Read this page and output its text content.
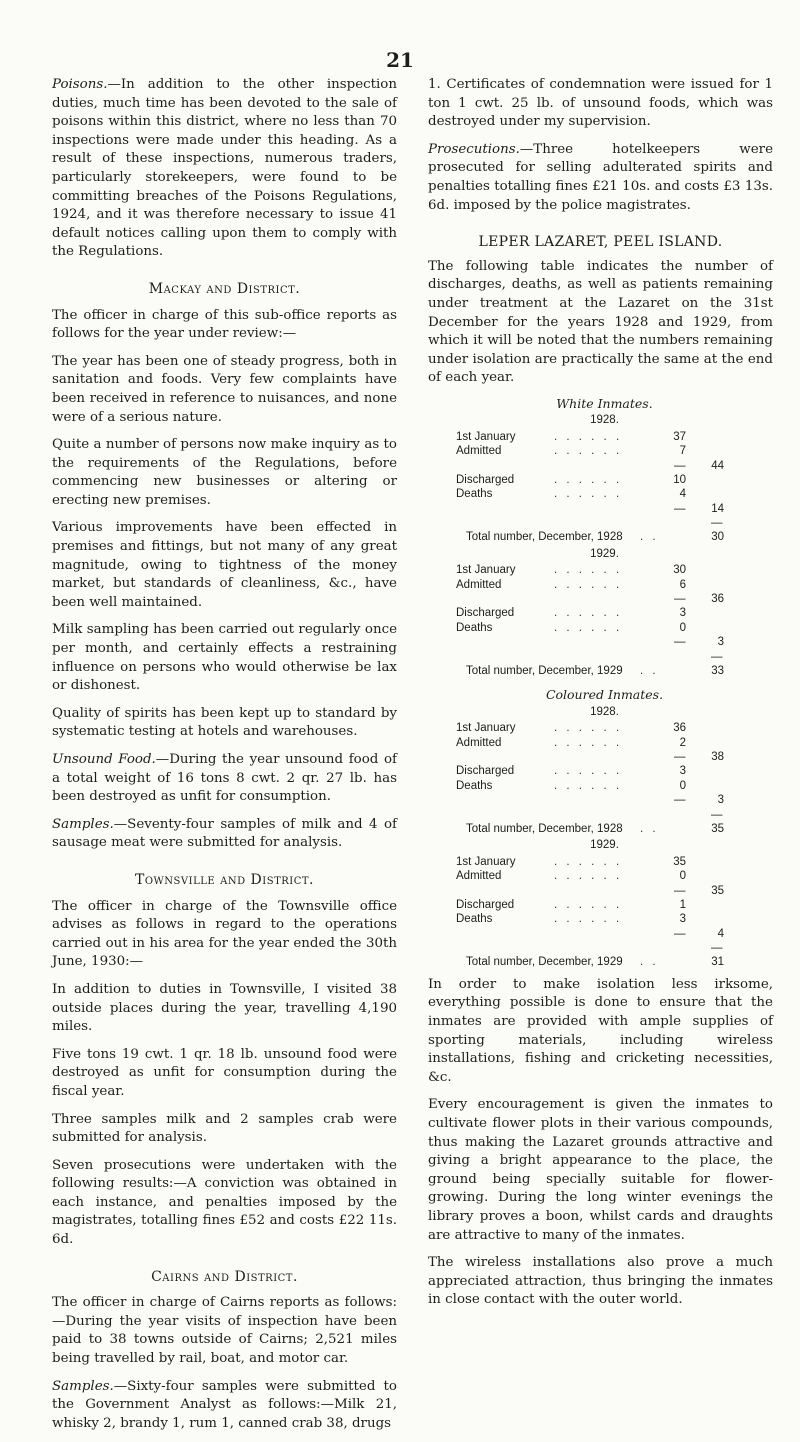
21

Poisons.—In addition to the other inspection duties, much time has been devoted to the sale of poisons within this district, where no less than 70 inspections were made under this heading. As a result of these inspections, numerous traders, particularly storekeepers, were found to be committing breaches of the Poisons Regulations, 1924, and it was therefore necessary to issue 41 default notices calling upon them to comply with the Regulations.

Mackay and District.

The officer in charge of this sub-office reports as follows for the year under review:—

The year has been one of steady progress, both in sanitation and foods. Very few complaints have been received in reference to nuisances, and none were of a serious nature.

Quite a number of persons now make inquiry as to the requirements of the Regulations, before commencing new businesses or altering or erecting new premises.

Various improvements have been effected in premises and fittings, but not many of any great magnitude, owing to tightness of the money market, but standards of cleanliness, &c., have been well maintained.

Milk sampling has been carried out regularly once per month, and certainly effects a restraining influence on persons who would otherwise be lax or dishonest.

Quality of spirits has been kept up to standard by systematic testing at hotels and warehouses.

Unsound Food.—During the year unsound food of a total weight of 16 tons 8 cwt. 2 qr. 27 lb. has been destroyed as unfit for consumption.

Samples.—Seventy-four samples of milk and 4 of sausage meat were submitted for analysis.

Townsville and District.

The officer in charge of the Townsville office advises as follows in regard to the operations carried out in his area for the year ended the 30th June, 1930:—

In addition to duties in Townsville, I visited 38 outside places during the year, travelling 4,190 miles.

Five tons 19 cwt. 1 qr. 18 lb. unsound food were destroyed as unfit for consumption during the fiscal year.

Three samples milk and 2 samples crab were submitted for analysis.

Seven prosecutions were undertaken with the following results:—A conviction was obtained in each instance, and penalties imposed by the magistrates, totalling fines £52 and costs £22 11s. 6d.

Cairns and District.

The officer in charge of Cairns reports as follows:—During the year visits of inspection have been paid to 38 towns outside of Cairns; 2,521 miles being travelled by rail, boat, and motor car.

Samples.—Sixty-four samples were submitted to the Government Analyst as follows:—Milk 21, whisky 2, brandy 1, rum 1, canned crab 38, drugs

1. Certificates of condemnation were issued for 1 ton 1 cwt. 25 lb. of unsound foods, which was destroyed under my supervision.

Prosecutions.—Three hotelkeepers were prosecuted for selling adulterated spirits and penalties totalling fines £21 10s. and costs £3 13s. 6d. imposed by the police magistrates.

LEPER LAZARET, PEEL ISLAND.

The following table indicates the number of discharges, deaths, as well as patients remaining under treatment at the Lazaret on the 31st December for the years 1928 and 1929, from which it will be noted that the numbers remaining under isolation are practically the same at the end of each year.

White Inmates.
1928.
1st January	. . . . . .	37
Admitted	. . . . . .	7
—	44
Discharged	. . . . . .	10
Deaths	. . . . . .	4
—	14
—
Total number, December, 1928 . .	30
1929.
1st January	. . . . . .	30
Admitted	. . . . . .	6
—	36
Discharged	. . . . . .	3
Deaths	. . . . . .	0
—	3
—
Total number, December, 1929 . .	33
Coloured Inmates.
1928.
1st January	. . . . . .	36
Admitted	. . . . . .	2
—	38
Discharged	. . . . . .	3
Deaths	. . . . . .	0
—	3
—
Total number, December, 1928 . .	35
1929.
1st January	. . . . . .	35
Admitted	. . . . . .	0
—	35
Discharged	. . . . . .	1
Deaths	. . . . . .	3
—	4
—
Total number, December, 1929 . .	31

In order to make isolation less irksome, everything possible is done to ensure that the inmates are provided with ample supplies of sporting materials, including wireless installations, fishing and cricketing necessities, &c.

Every encouragement is given the inmates to cultivate flower plots in their various compounds, thus making the Lazaret grounds attractive and giving a bright appearance to the place, the ground being specially suitable for flower-growing. During the long winter evenings the library proves a boon, whilst cards and draughts are attractive to many of the inmates.

The wireless installations also prove a much appreciated attraction, thus bringing the inmates in close contact with the outer world.
